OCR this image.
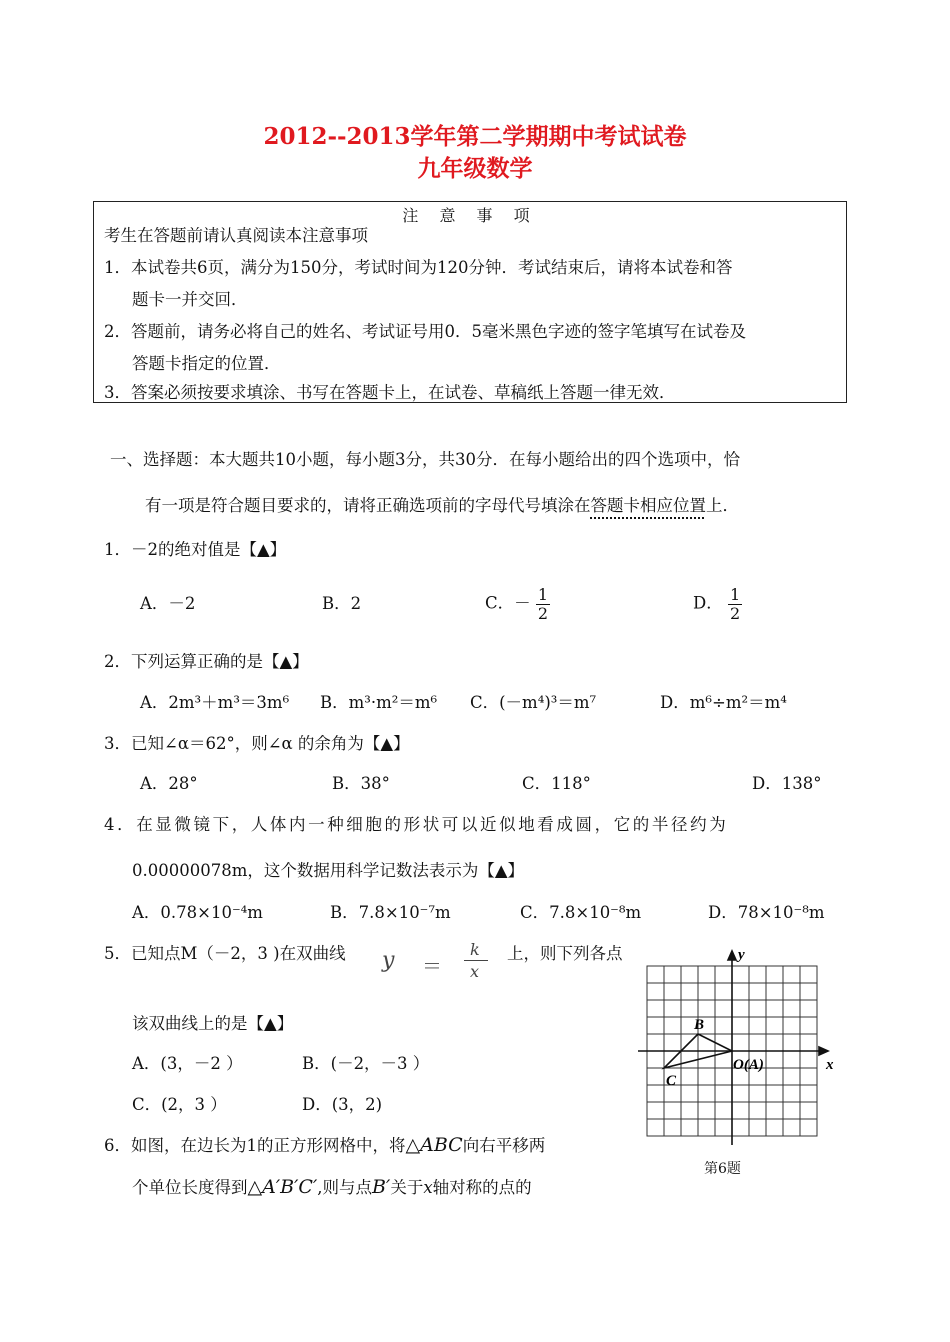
2012--2013学年第二学期期中考试试卷
九年级数学
注 意 事 项
考生在答题前请认真阅读本注意事项
1．本试卷共6页，满分为150分，考试时间为120分钟．考试结束后，请将本试卷和答
题卡一并交回．
2．答题前，请务必将自己的姓名、考试证号用0．5毫米黑色字迹的签字笔填写在试卷及
答题卡指定的位置．
3．答案必须按要求填涂、书写在答题卡上，在试卷、草稿纸上答题一律无效．
一、选择题：本大题共10小题，每小题3分，共30分．在每小题给出的四个选项中，恰
有一项是符合题目要求的，请将正确选项前的字母代号填涂在答题卡相应位置上．
1．－2的绝对值是【▲】
A．－2	B．2	C．－ $\frac{1}{2}$	D． $\frac{1}{2}$
2．下列运算正确的是【▲】
A．2m³＋m³＝3m⁶ B．m³·m²＝m⁶ C．(－m⁴)³＝m⁷	D．m⁶÷m²＝m⁴
3．已知∠α＝62°，则∠α 的余角为【▲】
A．28°	B．38°	C．118°	D．138°
4．在显微镜下，人体内一种细胞的形状可以近似地看成圆，它的半径约为
0.00000078m，这个数据用科学记数法表示为【▲】
A．0.78×10⁻⁴m	B．7.8×10⁻⁷m	C．7.8×10⁻⁸m	D．78×10⁻⁸m
5．已知点M（－2，3 )在双曲线 y ＝
k
x
上，则下列各点
该双曲线上的是【▲】
A．(3，－2 ）	B．(－2，－3 ）
C．(2，3 ）	D．(3，2)
6．如图，在边长为1的正方形网格中，将△ABC向右平移两
个单位长度得到△A′B′C′,则与点B′关于x轴对称的点的
x
y
B
C
O(A)
第6题
